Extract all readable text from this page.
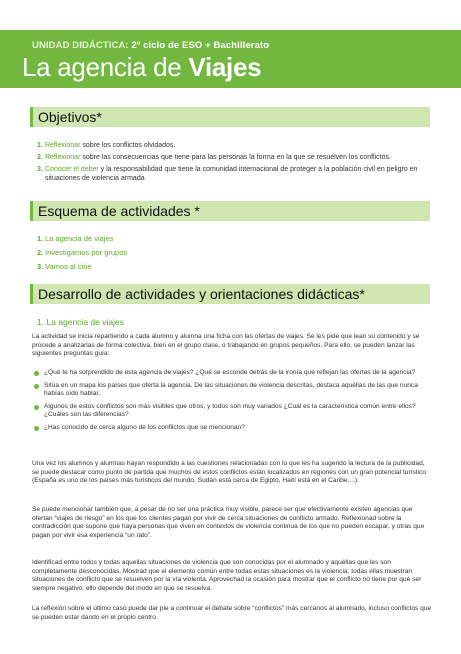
UNIDAD DIDÁCTICA: 2º ciclo de ESO + Bachillerato
La agencia de Viajes
Objetivos*
1. Reflexionar sobre los conflictos olvidados.
2. Reflexionar sobre las consecuencias que tiene para las personas la forma en la que se resuelven los conflictos.
3. Conocer el deber y la responsabilidad que tiene la comunidad internacional de proteger a la población civil en peligro en situaciones de violencia armada
Esquema de actividades *
1. La agencia de viajes
2. Investigamos por grupos
3. Vamos al cine
Desarrollo de actividades y orientaciones didácticas*
1. La agencia de viajes

La actividad se inicia repartiendo a cada alumno y alumna una ficha con las ofertas de viajes. Se les pide que lean su contenido y se procede a analizarlas de forma colectiva, bien en el grupo clase, o trabajando en grupos pequeños. Para ello, se pueden lanzar las siguientes preguntas guía:

¿Qué te ha sorprendido de esta agencia de viajes? ¿Qué se esconde detrás de la ironía que reflejan las ofertas de la agencia?
Sitúa en un mapa los países que oferta la agencia. De las situaciones de violencia descritas, destaca aquéllas de las que nunca habías oído hablar.
Algunos de estos conflictos son más visibles que otros, y todos son muy variados ¿Cuál es la característica común entre ellos? ¿Cuáles son las diferencias?
¿Has conocido de cerca alguno de los conflictos que se mencionan?

Una vez los alumnos y alumnas hayan respondido a las cuestiones relacionadas con lo que les ha sugerido la lectura de la publicidad, se puede destacar como punto de partida que muchos de estos conflictos están localizados en regiones con un gran potencial turístico (España es uno de los países más turísticos del mundo, Sudán está cerca de Egipto, Haití está en el Caribe,...).

Se puede mencionar también que, a pesar de no ser una práctica muy visible, parece ser que efectivamente existen agencias que ofertan “viajes de riesgo” en los que los clientes pagan por vivir de cerca situaciones de conflicto armado. Reflexionad sobre la contradicción que supone que haya personas que viven en contextos de violencia continua de los que no pueden escapar, y otras que pagan por vivir esa experiencia “un rato”.

Identificad entre todos y todas aquellas situaciones de violencia que son conocidas por el alumnado y aquéllas que les son completamente desconocidas. Mostrad que el elemento común entre todas estas situaciones es la violencia; todas ellas muestran situaciones de conflicto que se resuelven por la vía violenta. Aprovechad la ocasión para mostrar que el conflicto no tiene por qué ser siempre negativo; ello depende del modo en que se resuelva.

La reflexión sobre el último caso puede dar pie a continuar el debate sobre “conflictos” más cercanos al alumnado, incluso conflictos que se pueden estar dando en el propio centro.
